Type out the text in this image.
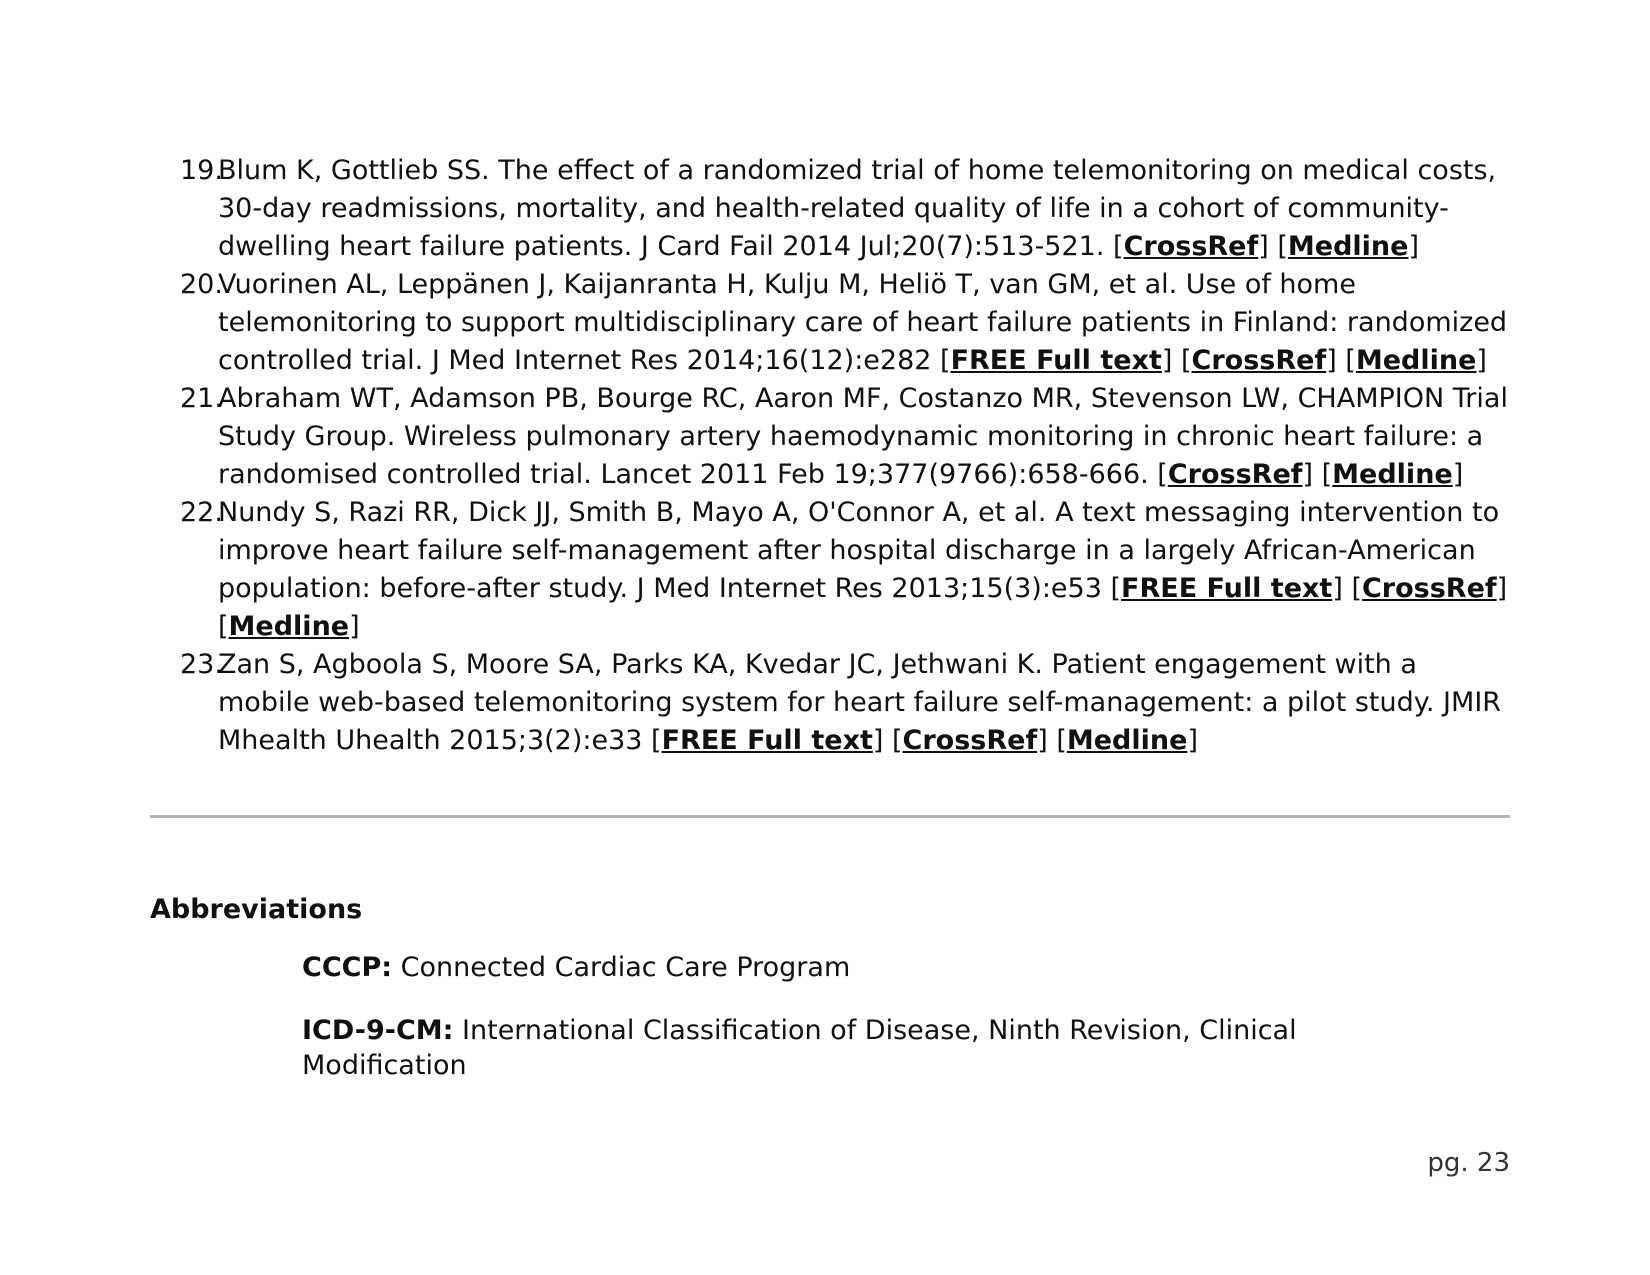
19.
Blum K, Gottlieb SS. The effect of a randomized trial of home telemonitoring on medical costs, 30-day readmissions, mortality, and health-related quality of life in a cohort of community-dwelling heart failure patients. J Card Fail 2014 Jul;20(7):513-521. [CrossRef] [Medline]
20.
Vuorinen AL, Leppänen J, Kaijanranta H, Kulju M, Heliö T, van GM, et al. Use of home telemonitoring to support multidisciplinary care of heart failure patients in Finland: randomized controlled trial. J Med Internet Res 2014;16(12):e282 [FREE Full text] [CrossRef] [Medline]
21.
Abraham WT, Adamson PB, Bourge RC, Aaron MF, Costanzo MR, Stevenson LW, CHAMPION Trial Study Group. Wireless pulmonary artery haemodynamic monitoring in chronic heart failure: a randomised controlled trial. Lancet 2011 Feb 19;377(9766):658-666. [CrossRef] [Medline]
22.
Nundy S, Razi RR, Dick JJ, Smith B, Mayo A, O'Connor A, et al. A text messaging intervention to improve heart failure self-management after hospital discharge in a largely African-American population: before-after study. J Med Internet Res 2013;15(3):e53 [FREE Full text] [CrossRef] [Medline]
23.
Zan S, Agboola S, Moore SA, Parks KA, Kvedar JC, Jethwani K. Patient engagement with a mobile web-based telemonitoring system for heart failure self-management: a pilot study. JMIR Mhealth Uhealth 2015;3(2):e33 [FREE Full text] [CrossRef] [Medline]
Abbreviations

CCCP: Connected Cardiac Care Program

ICD-9-CM: International Classification of Disease, Ninth Revision, Clinical Modification

pg. 23
